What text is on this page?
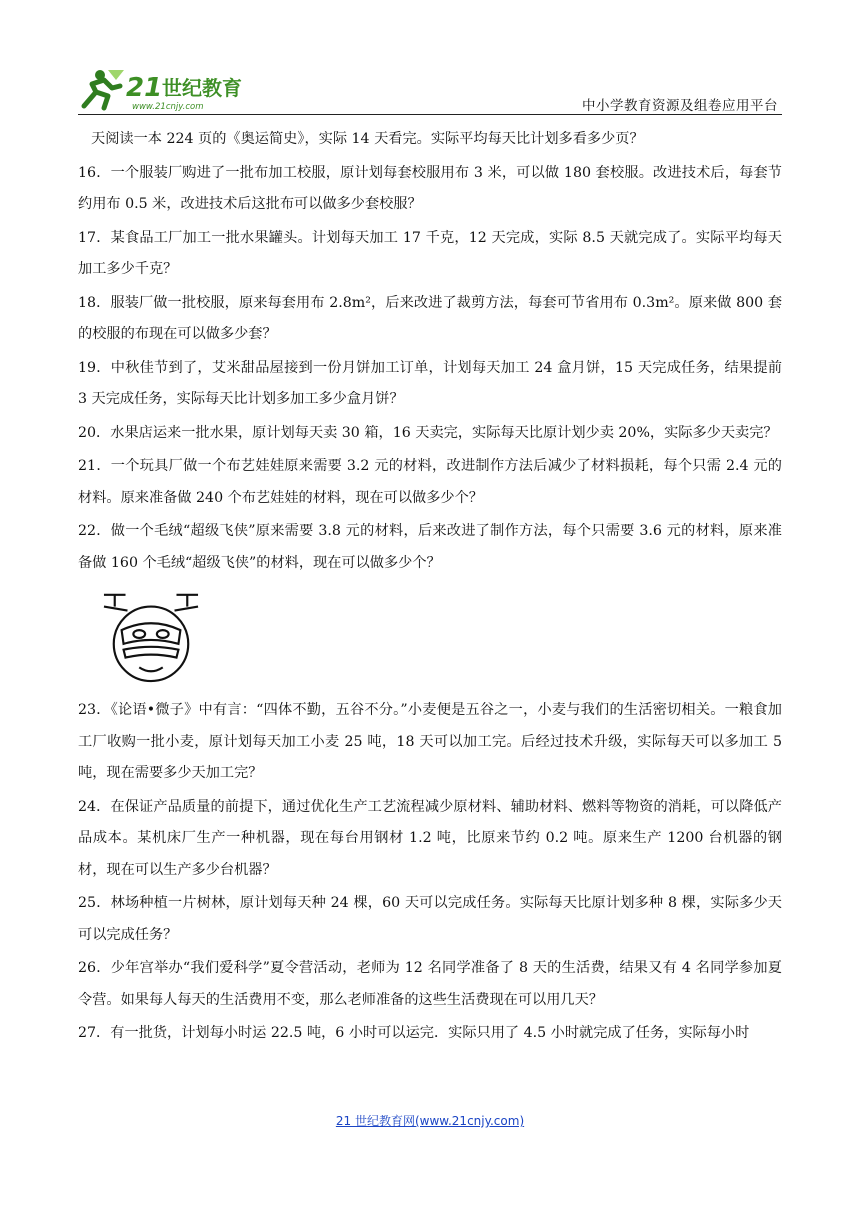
21 世纪教育
www.21cnjy.com	中小学教育资源及组卷应用平台

天阅读一本 224 页的《奥运简史》，实际 14 天看完。实际平均每天比计划多看多少页？

16．一个服装厂购进了一批布加工校服，原计划每套校服用布 3 米，可以做 180 套校服。改进技术后，每套节约用布 0.5 米，改进技术后这批布可以做多少套校服？

17．某食品工厂加工一批水果罐头。计划每天加工 17 千克，12 天完成，实际 8.5 天就完成了。实际平均每天加工多少千克？

18．服装厂做一批校服，原来每套用布 2.8m²，后来改进了裁剪方法，每套可节省用布 0.3m²。原来做 800 套的校服的布现在可以做多少套？

19．中秋佳节到了，艾米甜品屋接到一份月饼加工订单，计划每天加工 24 盒月饼，15 天完成任务，结果提前 3 天完成任务，实际每天比计划多加工多少盒月饼？

20．水果店运来一批水果，原计划每天卖 30 箱，16 天卖完，实际每天比原计划少卖 20%，实际多少天卖完？

21．一个玩具厂做一个布艺娃娃原来需要 3.2 元的材料，改进制作方法后减少了材料损耗，每个只需 2.4 元的材料。原来准备做 240 个布艺娃娃的材料，现在可以做多少个？

22．做一个毛绒“超级飞侠”原来需要 3.8 元的材料，后来改进了制作方法，每个只需要 3.6 元的材料，原来准备做 160 个毛绒“超级飞侠”的材料，现在可以做多少个？

23．《论语•微子》中有言：“四体不勤，五谷不分。”小麦便是五谷之一，小麦与我们的生活密切相关。一粮食加工厂收购一批小麦，原计划每天加工小麦 25 吨，18 天可以加工完。后经过技术升级，实际每天可以多加工 5 吨，现在需要多少天加工完？

24．在保证产品质量的前提下，通过优化生产工艺流程减少原材料、辅助材料、燃料等物资的消耗，可以降低产品成本。某机床厂生产一种机器，现在每台用钢材 1.2 吨，比原来节约 0.2 吨。原来生产 1200 台机器的钢材，现在可以生产多少台机器？

25．林场种植一片树林，原计划每天种 24 棵，60 天可以完成任务。实际每天比原计划多种 8 棵，实际多少天可以完成任务？

26．少年宫举办“我们爱科学”夏令营活动，老师为 12 名同学准备了 8 天的生活费，结果又有 4 名同学参加夏令营。如果每人每天的生活费用不变，那么老师准备的这些生活费现在可以用几天？

27．有一批货，计划每小时运 22.5 吨，6 小时可以运完．实际只用了 4.5 小时就完成了任务，实际每小时

21 世纪教育网(www.21cnjy.com)
